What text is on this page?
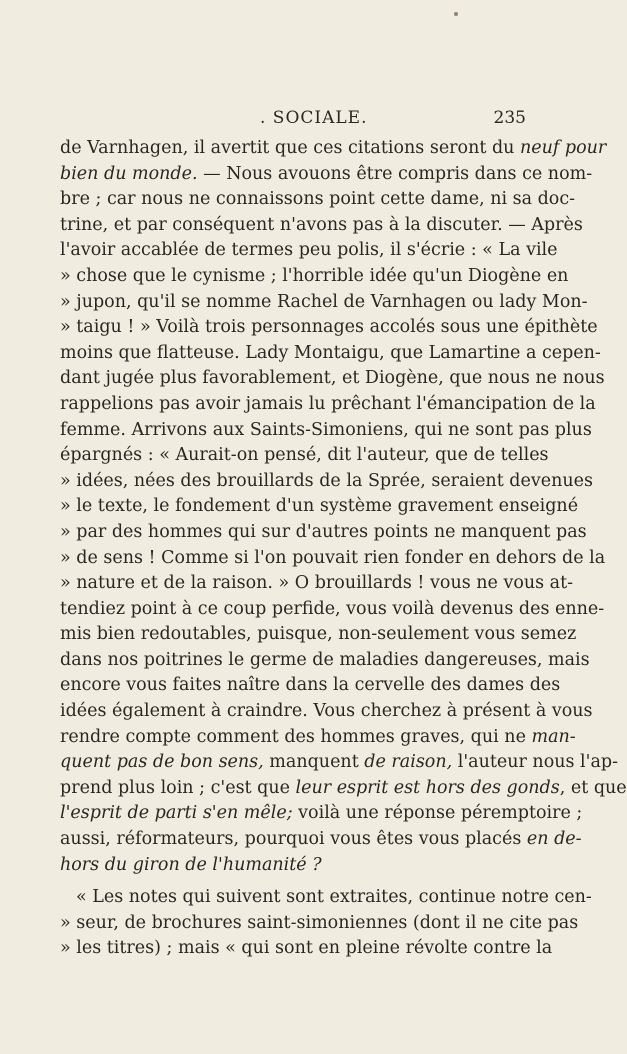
. SOCIALE.	235
de Varnhagen, il avertit que ces citations seront du neuf pour
bien du monde. — Nous avouons être compris dans ce nom-
bre ; car nous ne connaissons point cette dame, ni sa doc-
trine, et par conséquent n'avons pas à la discuter. — Après
l'avoir accablée de termes peu polis, il s'écrie : « La vile
» chose que le cynisme ; l'horrible idée qu'un Diogène en
» jupon, qu'il se nomme Rachel de Varnhagen ou lady Mon-
» taigu ! » Voilà trois personnages accolés sous une épithète
moins que flatteuse. Lady Montaigu, que Lamartine a cepen-
dant jugée plus favorablement, et Diogène, que nous ne nous
rappelions pas avoir jamais lu prêchant l'émancipation de la
femme. Arrivons aux Saints-Simoniens, qui ne sont pas plus
épargnés : « Aurait-on pensé, dit l'auteur, que de telles
» idées, nées des brouillards de la Sprée, seraient devenues
» le texte, le fondement d'un système gravement enseigné
» par des hommes qui sur d'autres points ne manquent pas
» de sens ! Comme si l'on pouvait rien fonder en dehors de la
» nature et de la raison. » O brouillards ! vous ne vous at-
tendiez point à ce coup perfide, vous voilà devenus des enne-
mis bien redoutables, puisque, non-seulement vous semez
dans nos poitrines le germe de maladies dangereuses, mais
encore vous faites naître dans la cervelle des dames des
idées également à craindre. Vous cherchez à présent à vous
rendre compte comment des hommes graves, qui ne man-
quent pas de bon sens, manquent de raison, l'auteur nous l'ap-
prend plus loin ; c'est que leur esprit est hors des gonds, et que
l'esprit de parti s'en mêle; voilà une réponse péremptoire ;
aussi, réformateurs, pourquoi vous êtes vous placés en de-
hors du giron de l'humanité ?
« Les notes qui suivent sont extraites, continue notre cen-
» seur, de brochures saint-simoniennes (dont il ne cite pas
» les titres) ; mais « qui sont en pleine révolte contre la
